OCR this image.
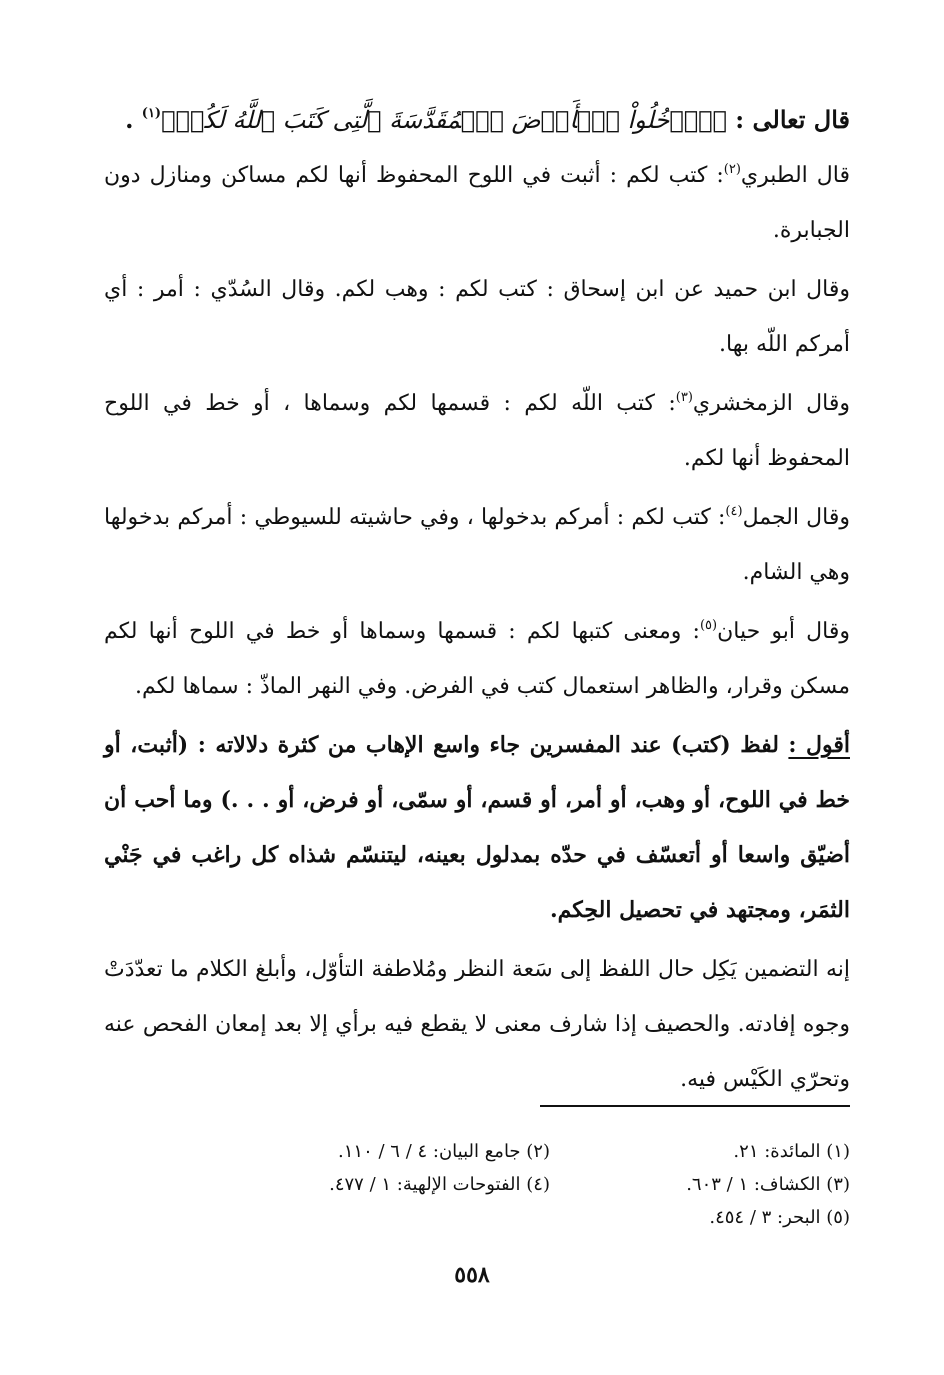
قال تعالى : ﴿ٱدۡخُلُواْ ٱلۡأَرۡضَ ٱلۡمُقَدَّسَةَ ٱلَّتِى كَتَبَ ٱللَّهُ لَكُمۡ﴾$^{(١)}$ .

قال الطبري$^{(٢)}$: كتب لكم : أثبت في اللوح المحفوظ أنها لكم مساكن ومنازل دون الجبابرة.

وقال ابن حميد عن ابن إسحاق : كتب لكم : وهب لكم. وقال السُدّي : أمر : أي أمركم اللّه بها.

وقال الزمخشري$^{(٣)}$: كتب اللّه لكم : قسمها لكم وسماها ، أو خط في اللوح المحفوظ أنها لكم.

وقال الجمل$^{(٤)}$: كتب لكم : أمركم بدخولها ، وفي حاشيته للسيوطي : أمركم بدخولها وهي الشام.

وقال أبو حيان$^{(٥)}$: ومعنى كتبها لكم : قسمها وسماها أو خط في اللوح أنها لكم مسكن وقرار، والظاهر استعمال كتب في الفرض. وفي النهر الماذّ : سماها لكم.

أقول : لفظ (كتب) عند المفسرين جاء واسع الإهاب من كثرة دلالاته : (أثبت، أو خط في اللوح، أو وهب، أو أمر، أو قسم، أو سمّى، أو فرض، أو . . .) وما أحب أن أضيّق واسعا أو أتعسّف في حدّه بمدلول بعينه، ليتنسّم شذاه كل راغب في جَنْي الثمَر، ومجتهد في تحصيل الحِكم.

إنه التضمين يَكِل حال اللفظ إلى سَعة النظر ومُلاطفة التأوّل، وأبلغ الكلام ما تعدّدَتْ وجوه إفادته. والحصيف إذا شارف معنى لا يقطع فيه برأي إلا بعد إمعان الفحص عنه وتحرّي الكَيْس فيه.

(١) المائدة: ٢١.
(٢) جامع البيان: ٤ / ٦ / ١١٠.
(٣) الكشاف: ١ / ٦٠٣.
(٤) الفتوحات الإلهية: ١ / ٤٧٧.
(٥) البحر: ٣ / ٤٥٤.
٥٥٨
